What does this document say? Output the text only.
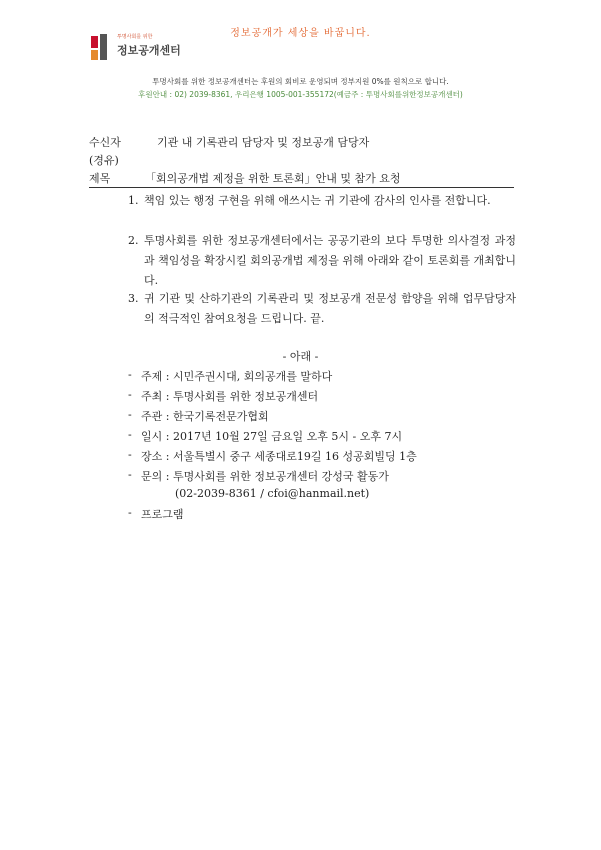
정보공개가 세상을 바꿉니다.
투명사회를 위한
정보공개센터
투명사회를 위한 정보공개센터는 후원의 회비로 운영되며 정부지원 0%를 원칙으로 합니다.
후원안내 : 02) 2039-8361, 우리은행 1005-001-355172(예금주 : 투명사회를위한정보공개센터)
수신자	기관 내 기록관리 담당자 및 정보공개 담당자
(경유)
제목	「회의공개법 제정을 위한 토론회」안내 및 참가 요청
1. 책임 있는 행정 구현을 위해 애쓰시는 귀 기관에 감사의 인사를 전합니다.
2. 투명사회를 위한 정보공개센터에서는 공공기관의 보다 투명한 의사결정 과정과 책임성을 확장시킬 회의공개법 제정을 위해 아래와 같이 토론회를 개최합니다.
3. 귀 기관 및 산하기관의 기록관리 및 정보공개 전문성 함양을 위해 업무담당자의 적극적인 참여요청을 드립니다. 끝.
- 아래 -
- 주제 : 시민주권시대, 회의공개를 말하다
- 주최 : 투명사회를 위한 정보공개센터
- 주관 : 한국기록전문가협회
- 일시 : 2017년 10월 27일 금요일 오후 5시 - 오후 7시
- 장소 : 서울특별시 중구 세종대로19길 16 성공회빌딩 1층
- 문의 : 투명사회를 위한 정보공개센터 강성국 활동가
(02-2039-8361 / cfoi@hanmail.net)
- 프로그램
